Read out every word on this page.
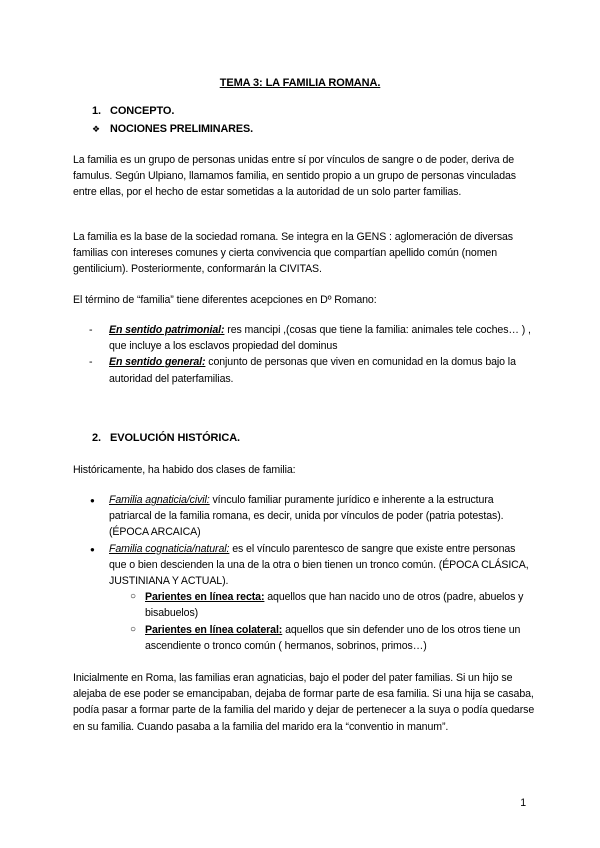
TEMA 3: LA FAMILIA ROMANA.
1. CONCEPTO.
❖ NOCIONES PRELIMINARES.
La familia es un grupo de personas unidas entre sí por vínculos de sangre o de poder, deriva de famulus. Según Ulpiano, llamamos familia, en sentido propio a un grupo de personas vinculadas entre ellas, por el hecho de estar sometidas a la autoridad de un solo parter familias.
La familia es la base de la sociedad romana. Se integra en la GENS : aglomeración de diversas familias con intereses comunes y cierta convivencia que compartían apellido común (nomen gentilicium). Posteriormente, conformarán la CIVITAS.
El término de “familia” tiene diferentes acepciones en Dº Romano:
- En sentido patrimonial: res mancipi ,(cosas que tiene la familia: animales tele coches… ) , que incluye a los esclavos propiedad del dominus
- En sentido general: conjunto de personas que viven en comunidad en la domus bajo la autoridad del paterfamilias.
2. EVOLUCIÓN HISTÓRICA.
Históricamente, ha habido dos clases de familia:
● Familia agnaticia/civil: vínculo familiar puramente jurídico e inherente a la estructura patriarcal de la familia romana, es decir, unida por vínculos de poder (patria potestas). (ÉPOCA ARCAICA)
● Familia cognaticia/natural: es el vínculo parentesco de sangre que existe entre personas que o bien descienden la una de la otra o bien tienen un tronco común. (ÉPOCA CLÁSICA, JUSTINIANA Y ACTUAL).
○ Parientes en línea recta: aquellos que han nacido uno de otros (padre, abuelos y bisabuelos)
○ Parientes en línea colateral: aquellos que sin defender uno de los otros tiene un ascendiente o tronco común ( hermanos, sobrinos, primos…)
Inicialmente en Roma, las familias eran agnaticias, bajo el poder del pater familias. Si un hijo se alejaba de ese poder se emancipaban, dejaba de formar parte de esa familia. Si una hija se casaba, podía pasar a formar parte de la familia del marido y dejar de pertenecer a la suya o podía quedarse en su familia. Cuando pasaba a la familia del marido era la “conventio in manum”.
1
